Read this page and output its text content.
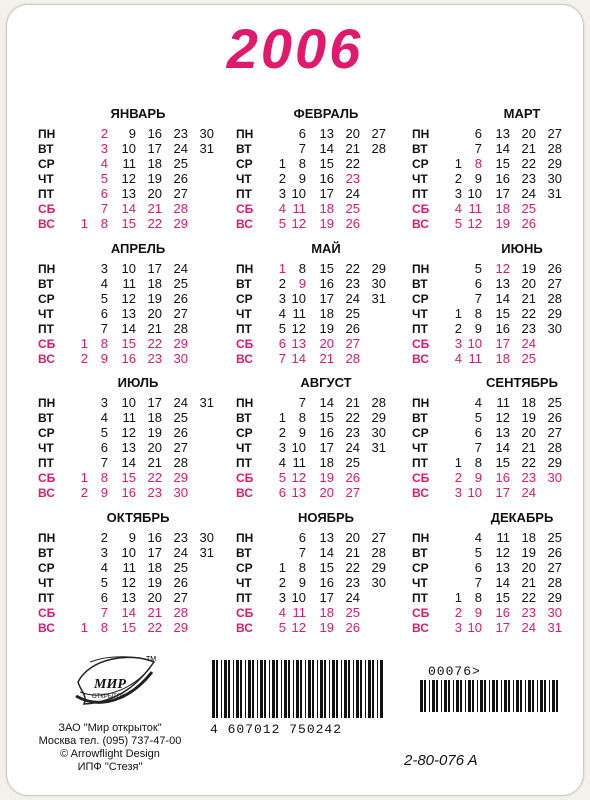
2006
ЯНВАРЬ
ПН	2	9 16 23 30
ВТ	3	10 17 24 31
СР	4	11 18 25
ЧТ	5	12 19 26
ПТ	6	13 20 27
СБ	7	14 21 28
ВС	1 8	15 22 29
ФЕВРАЛЬ
ПН	6	13 20 27
ВТ	7	14 21 28
СР	1 8	15 22
ЧТ	2 9	16 23
ПТ	3 10	17 24
СБ	4 11	18 25
ВС	5 12	19 26
МАРТ
ПН	6	13 20 27
ВТ	7	14 21 28
СР	1 8	15 22 29
ЧТ	2 9	16 23 30
ПТ	3 10	17 24 31
СБ	4 11	18 25
ВС	5 12	19 26
АПРЕЛЬ
ПН	3	10 17 24
ВТ	4	11 18 25
СР	5	12 19 26
ЧТ	6	13 20 27
ПТ	7	14 21 28
СБ	1 8	15 22 29
ВС	2 9	16 23 30
МАЙ
ПН	1 8	15 22 29
ВТ	2 9	16 23 30
СР	3 10	17 24 31
ЧТ	4 11	18 25
ПТ	5 12	19 26
СБ	6 13	20 27
ВС	7 14	21 28
ИЮНЬ
ПН	5	12 19 26
ВТ	6	13 20 27
СР	7	14 21 28
ЧТ	1 8	15 22 29
ПТ	2 9	16 23 30
СБ	3 10	17 24
ВС	4 11	18 25
ИЮЛЬ
ПН	3	10 17 24 31
ВТ	4	11 18 25
СР	5	12 19 26
ЧТ	6	13 20 27
ПТ	7	14 21 28
СБ	1 8	15 22 29
ВС	2 9	16 23 30
АВГУСТ
ПН	7	14 21 28
ВТ	1 8	15 22 29
СР	2 9	16 23 30
ЧТ	3 10	17 24 31
ПТ	4 11	18 25
СБ	5 12	19 26
ВС	6 13	20 27
СЕНТЯБРЬ
ПН	4	11 18 25
ВТ	5	12 19 26
СР	6	13 20 27
ЧТ	7	14 21 28
ПТ	1 8	15 22 29
СБ	2 9	16 23 30
ВС	3 10	17 24
ОКТЯБРЬ
ПН	2	9 16 23 30
ВТ	3	10 17 24 31
СР	4	11 18 25
ЧТ	5	12 19 26
ПТ	6	13 20 27
СБ	7	14 21 28
ВС	1 8	15 22 29
НОЯБРЬ
ПН	6	13 20 27
ВТ	7	14 21 28
СР	1 8	15 22 29
ЧТ	2 9	16 23 30
ПТ	3 10	17 24
СБ	4 11	18 25
ВС	5 12	19 26
ДЕКАБРЬ
ПН	4	11 18 25
ВТ	5	12 19 26
СР	6	13 20 27
ЧТ	7	14 21 28
ПТ	1 8	15 22 29
СБ	2 9	16 23 30
ВС	3 10	17 24 31
МИР
ОТКРЫТОК
TM
ЗАО "Мир открыток"
Москва тел. (095) 737-47-00
© Arrowflight Design
ИПФ "Стезя"
4 607012 750242
00076>
2-80-076 A
